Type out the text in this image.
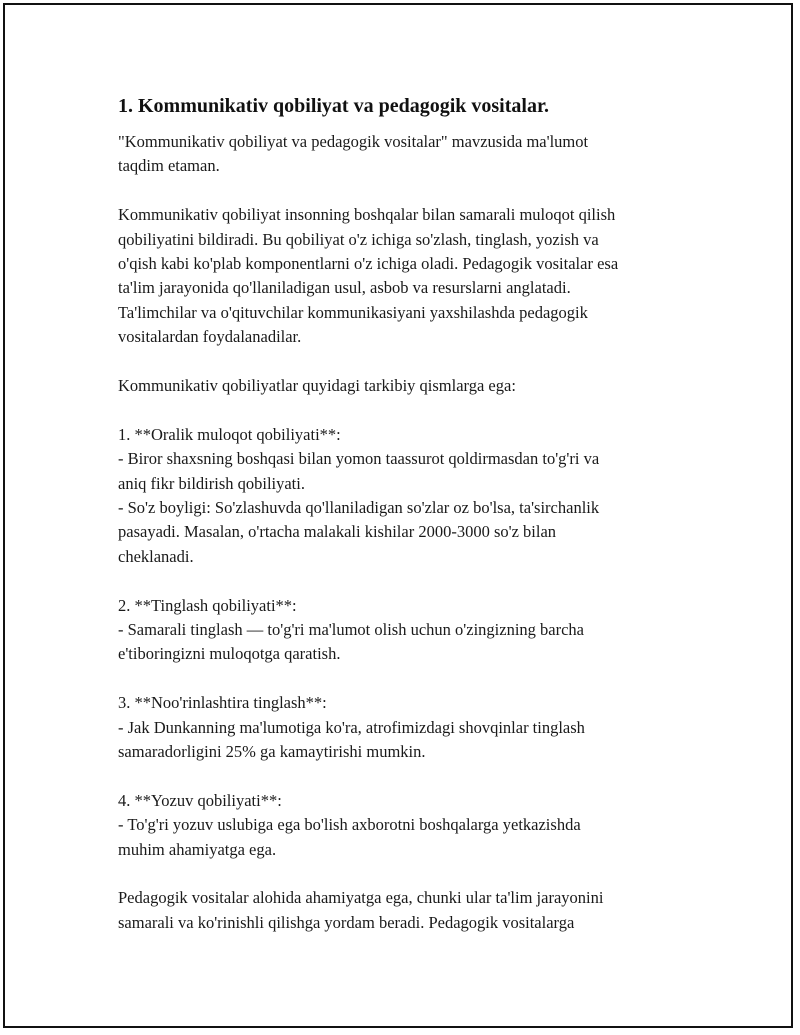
1. Kommunikativ qobiliyat va pedagogik vositalar.

"Kommunikativ qobiliyat va pedagogik vositalar" mavzusida ma'lumot
taqdim etaman.

Kommunikativ qobiliyat insonning boshqalar bilan samarali muloqot qilish
qobiliyatini bildiradi. Bu qobiliyat o'z ichiga so'zlash, tinglash, yozish va
o'qish kabi ko'plab komponentlarni o'z ichiga oladi. Pedagogik vositalar esa
ta'lim jarayonida qo'llaniladigan usul, asbob va resurslarni anglatadi.
Ta'limchilar va o'qituvchilar kommunikasiyani yaxshilashda pedagogik
vositalardan foydalanadilar.

Kommunikativ qobiliyatlar quyidagi tarkibiy qismlarga ega:

1. **Oralik muloqot qobiliyati**:
- Biror shaxsning boshqasi bilan yomon taassurot qoldirmasdan to'g'ri va
aniq fikr bildirish qobiliyati.
- So'z boyligi: So'zlashuvda qo'llaniladigan so'zlar oz bo'lsa, ta'sirchanlik
pasayadi. Masalan, o'rtacha malakali kishilar 2000-3000 so'z bilan
cheklanadi.

2. **Tinglash qobiliyati**:
- Samarali tinglash — to'g'ri ma'lumot olish uchun o'zingizning barcha
e'tiboringizni muloqotga qaratish.

3. **Noo'rinlashtira tinglash**:
- Jak Dunkanning ma'lumotiga ko'ra, atrofimizdagi shovqinlar tinglash
samaradorligini 25% ga kamaytirishi mumkin.

4. **Yozuv qobiliyati**:
- To'g'ri yozuv uslubiga ega bo'lish axborotni boshqalarga yetkazishda
muhim ahamiyatga ega.

Pedagogik vositalar alohida ahamiyatga ega, chunki ular ta'lim jarayonini
samarali va ko'rinishli qilishga yordam beradi. Pedagogik vositalarga
